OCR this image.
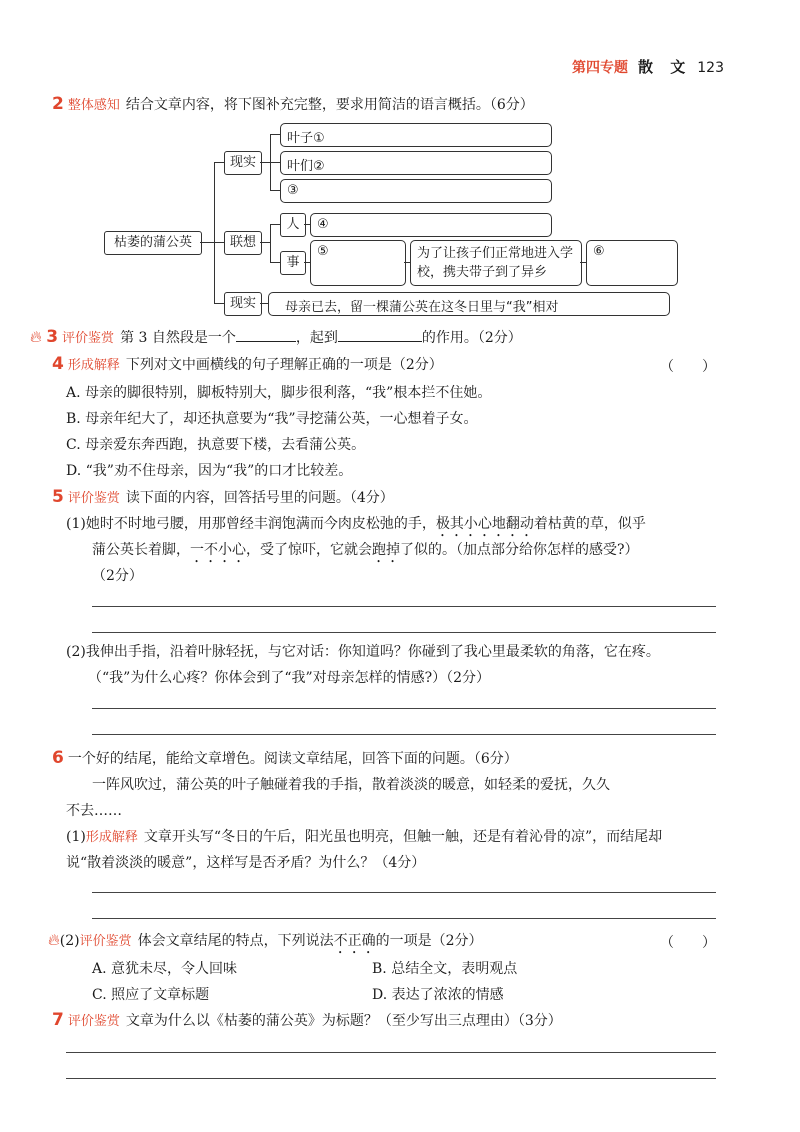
第四专题 散 文 123
2 整体感知 结合文章内容，将下图补充完整，要求用简洁的语言概括。（6分）
枯萎的蒲公英
现实
叶子①
叶们②
③
联想
人	④
事
⑤	为了让孩子们正常地进入学校，携夫带子到了异乡
⑥
现实	母亲已去，留一棵蒲公英在这冬日里与“我”相对
🔥︎ 3 评价鉴赏 第 3 自然段是一个	，起到	的作用。（2分）
4 形成解释 下列对文中画横线的句子理解正确的一项是（2分）	（　　）
A. 母亲的脚很特别，脚板特别大，脚步很利落，“我”根本拦不住她。
B. 母亲年纪大了，却还执意要为“我”寻挖蒲公英，一心想着子女。
C. 母亲爱东奔西跑，执意要下楼，去看蒲公英。
D. “我”劝不住母亲，因为“我”的口才比较差。
5 评价鉴赏 读下面的内容，回答括号里的问题。（4分）
(1)她时不时地弓腰，用那曾经丰润饱满而今肉皮松弛的手，极其小心地翻动着枯黄的草，似乎
蒲公英长着脚，一不小心，受了惊吓，它就会跑掉了似的。（加点部分给你怎样的感受?）
（2分）
(2)我伸出手指，沿着叶脉轻抚，与它对话：你知道吗？你碰到了我心里最柔软的角落，它在疼。
（“我”为什么心疼？你体会到了“我”对母亲怎样的情感?）（2分）
6 一个好的结尾，能给文章增色。阅读文章结尾，回答下面的问题。（6分）
一阵风吹过，蒲公英的叶子触碰着我的手指，散着淡淡的暖意，如轻柔的爱抚，久久
不去……
(1)形成解释 文章开头写“冬日的午后，阳光虽也明亮，但触一触，还是有着沁骨的凉”，而结尾却
说“散着淡淡的暖意”，这样写是否矛盾？为什么？（4分）
🔥︎(2)评价鉴赏 体会文章结尾的特点，下列说法不正确的一项是（2分）	（　　）
A. 意犹未尽，令人回味	B. 总结全文，表明观点
C. 照应了文章标题	D. 表达了浓浓的情感
7 评价鉴赏 文章为什么以《枯萎的蒲公英》为标题？（至少写出三点理由）（3分）
